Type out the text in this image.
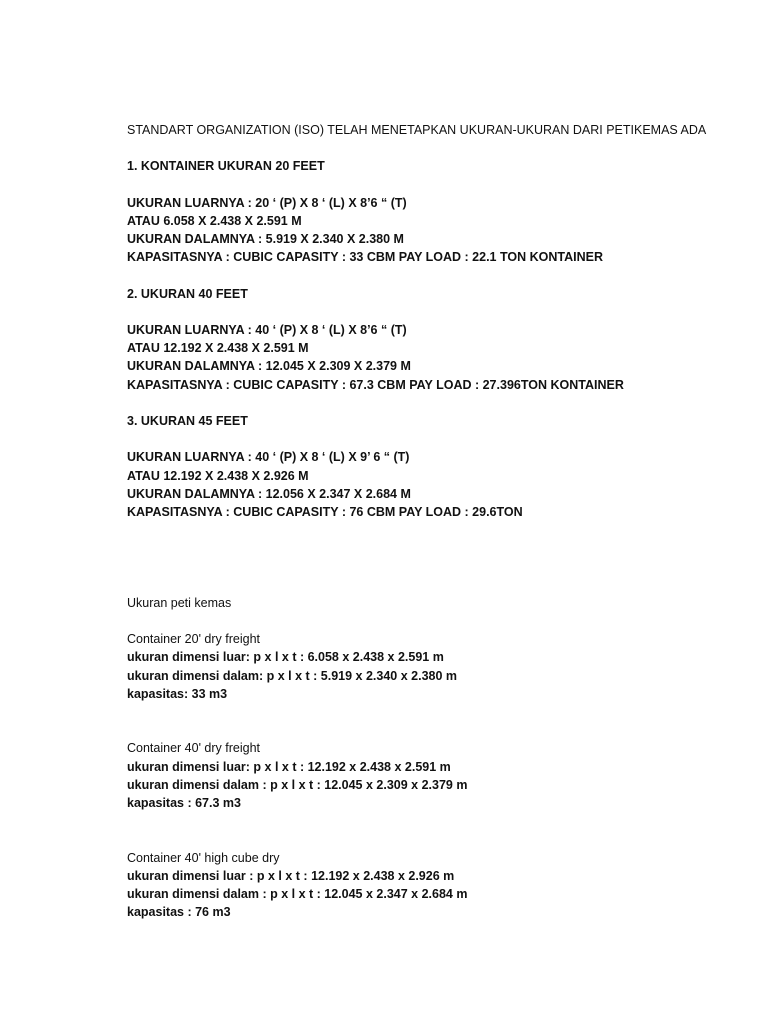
STANDART ORGANIZATION (ISO) TELAH MENETAPKAN UKURAN-UKURAN DARI PETIKEMAS ADA
1. KONTAINER UKURAN 20 FEET
UKURAN LUARNYA : 20 ‘ (P) X 8 ‘ (L) X 8’6 “ (T)
ATAU 6.058 X 2.438 X 2.591 M
UKURAN DALAMNYA : 5.919 X 2.340 X 2.380 M
KAPASITASNYA : CUBIC CAPASITY : 33 CBM PAY LOAD : 22.1 TON KONTAINER
2. UKURAN 40 FEET
UKURAN LUARNYA : 40 ‘ (P) X 8 ‘ (L) X 8’6 “ (T)
ATAU 12.192 X 2.438 X 2.591 M
UKURAN DALAMNYA : 12.045 X 2.309 X 2.379 M
KAPASITASNYA : CUBIC CAPASITY : 67.3 CBM PAY LOAD : 27.396TON KONTAINER
3. UKURAN 45 FEET
UKURAN LUARNYA : 40 ‘ (P) X 8 ‘ (L) X 9’ 6 “ (T)
ATAU 12.192 X 2.438 X 2.926 M
UKURAN DALAMNYA : 12.056 X 2.347 X 2.684 M
KAPASITASNYA : CUBIC CAPASITY : 76 CBM PAY LOAD : 29.6TON
Ukuran peti kemas
Container 20' dry freight
ukuran dimensi luar: p x l x t : 6.058 x 2.438 x 2.591 m
ukuran dimensi dalam: p x l x t : 5.919 x 2.340 x 2.380 m
kapasitas: 33 m3
Container 40' dry freight
ukuran dimensi luar: p x l x t : 12.192 x 2.438 x 2.591 m
ukuran dimensi dalam : p x l x t : 12.045 x 2.309 x 2.379 m
kapasitas : 67.3 m3
Container 40' high cube dry
ukuran dimensi luar : p x l x t : 12.192 x 2.438 x 2.926 m
ukuran dimensi dalam : p x l x t : 12.045 x 2.347 x 2.684 m
kapasitas : 76 m3
